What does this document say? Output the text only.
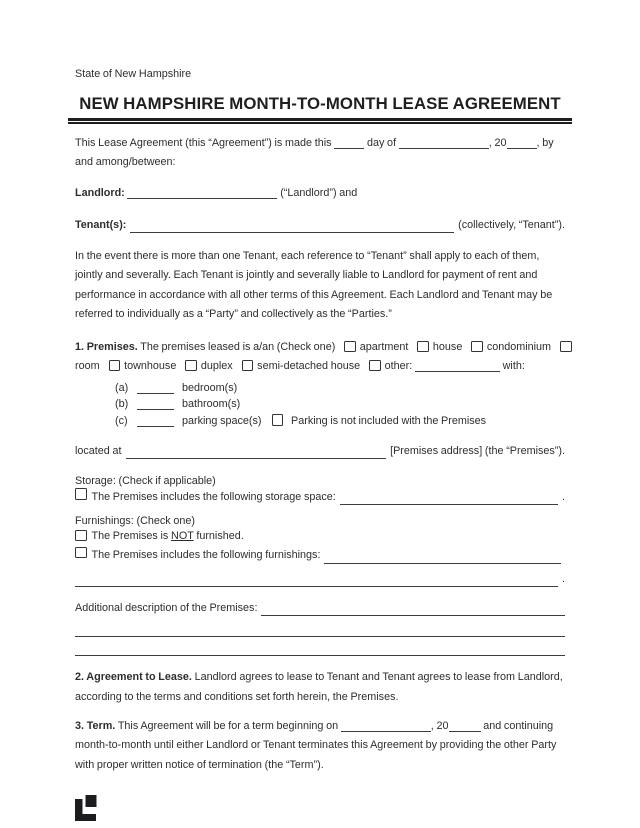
State of New Hampshire
NEW HAMPSHIRE MONTH-TO-MONTH LEASE AGREEMENT

This Lease Agreement (this “Agreement”) is made this	day of	, 20	, by and among/between:

Landlord:	(“Landlord”) and

Tenant(s):	(collectively, “Tenant”).

In the event there is more than one Tenant, each reference to “Tenant” shall apply to each of them, jointly and severally. Each Tenant is jointly and severally liable to Landlord for payment of rent and performance in accordance with all other terms of this Agreement. Each Landlord and Tenant may be referred to individually as a “Party” and collectively as the “Parties.”

1. Premises. The premises leased is a/an (Check one) apartment house condominium
room townhouse duplex semi-detached house other:	with:
(a)	bedroom(s)
(b)	bathroom(s)
(c)	parking space(s)	Parking is not included with the Premises
located at	[Premises address] (the “Premises”).
Storage: (Check if applicable)
The Premises includes the following storage space:	.
Furnishings: (Check one)
The Premises is NOT furnished.
The Premises includes the following furnishings:
.
Additional description of the Premises:

2. Agreement to Lease. Landlord agrees to lease to Tenant and Tenant agrees to lease from Landlord, according to the terms and conditions set forth herein, the Premises.

3. Term. This Agreement will be for a term beginning on	, 20	and continuing month-to-month until either Landlord or Tenant terminates this Agreement by providing the other Party with proper written notice of termination (the “Term”).
